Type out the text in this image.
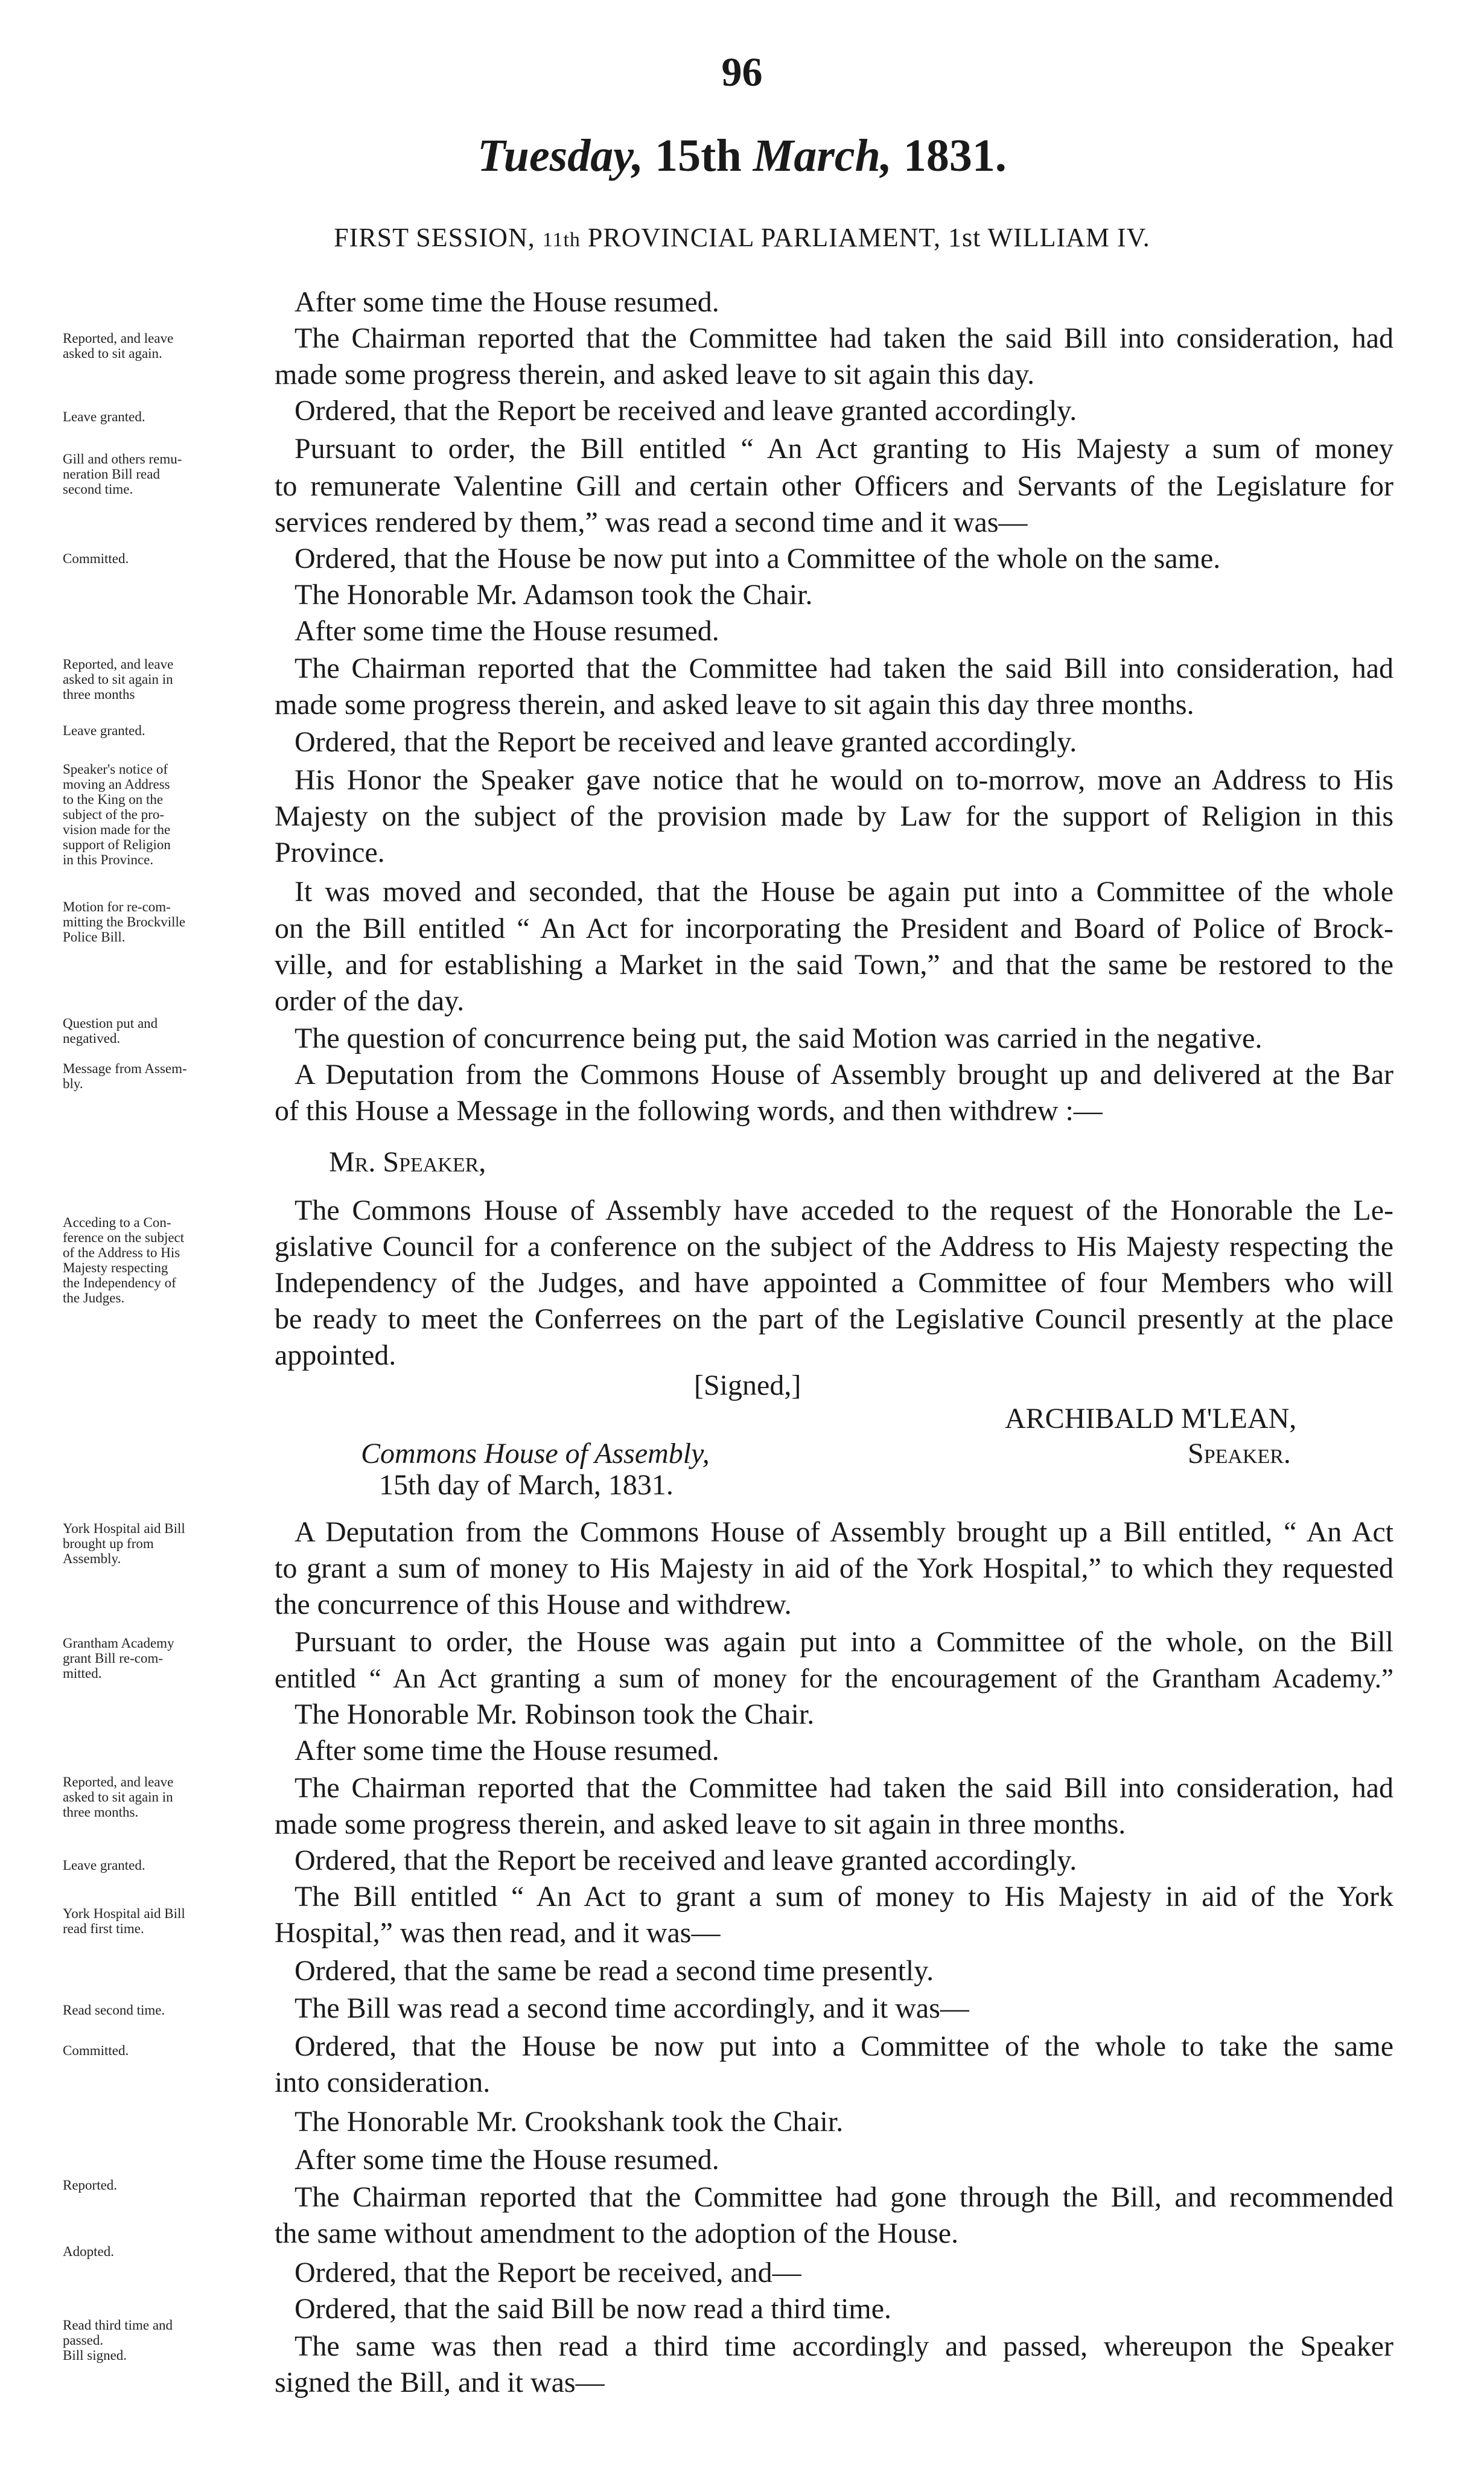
96
Tuesday, 15th March, 1831.
FIRST SESSION, 11th PROVINCIAL PARLIAMENT, 1st WILLIAM IV.
Reported, and leave
asked to sit again.
Leave granted.
Gill and others remu-
neration Bill read
second time.
Committed.
Reported, and leave
asked to sit again in
three months
Leave granted.
Speaker's notice of
moving an Address
to the King on the
subject of the pro-
vision made for the
support of Religion
in this Province.
Motion for re-com-
mitting the Brockville
Police Bill.
Question put and
negatived.
Message from Assem-
bly.
Acceding to a Con-
ference on the subject
of the Address to His
Majesty respecting
the Independency of
the Judges.
York Hospital aid Bill
brought up from
Assembly.
Grantham Academy
grant Bill re-com-
mitted.
Reported, and leave
asked to sit again in
three months.
Leave granted.
York Hospital aid Bill
read first time.
Read second time.
Committed.
Reported.
Adopted.
Read third time and
passed.
Bill signed.
After some time the House resumed.
The Chairman reported that the Committee had taken the said Bill into consideration, had
made some progress therein, and asked leave to sit again this day.
Ordered, that the Report be received and leave granted accordingly.
Pursuant to order, the Bill entitled “ An Act granting to His Majesty a sum of money
to remunerate Valentine Gill and certain other Officers and Servants of the Legislature for
services rendered by them,” was read a second time and it was—
Ordered, that the House be now put into a Committee of the whole on the same.
The Honorable Mr. Adamson took the Chair.
After some time the House resumed.
The Chairman reported that the Committee had taken the said Bill into consideration, had
made some progress therein, and asked leave to sit again this day three months.
Ordered, that the Report be received and leave granted accordingly.
His Honor the Speaker gave notice that he would on to-morrow, move an Address to His
Majesty on the subject of the provision made by Law for the support of Religion in this
Province.
It was moved and seconded, that the House be again put into a Committee of the whole
on the Bill entitled “ An Act for incorporating the President and Board of Police of Brock-
ville, and for establishing a Market in the said Town,” and that the same be restored to the
order of the day.
The question of concurrence being put, the said Motion was carried in the negative.
A Deputation from the Commons House of Assembly brought up and delivered at the Bar
of this House a Message in the following words, and then withdrew :—
Mr. Speaker,
The Commons House of Assembly have acceded to the request of the Honorable the Le-
gislative Council for a conference on the subject of the Address to His Majesty respecting the
Independency of the Judges, and have appointed a Committee of four Members who will
be ready to meet the Conferrees on the part of the Legislative Council presently at the place
appointed.
[Signed,]
ARCHIBALD M'LEAN,
Commons House of Assembly,	Speaker.
15th day of March, 1831.
A Deputation from the Commons House of Assembly brought up a Bill entitled, “ An Act
to grant a sum of money to His Majesty in aid of the York Hospital,” to which they requested
the concurrence of this House and withdrew.
Pursuant to order, the House was again put into a Committee of the whole, on the Bill
entitled “ An Act granting a sum of money for the encouragement of the Grantham Academy.”
The Honorable Mr. Robinson took the Chair.
After some time the House resumed.
The Chairman reported that the Committee had taken the said Bill into consideration, had
made some progress therein, and asked leave to sit again in three months.
Ordered, that the Report be received and leave granted accordingly.
The Bill entitled “ An Act to grant a sum of money to His Majesty in aid of the York
Hospital,” was then read, and it was—
Ordered, that the same be read a second time presently.
The Bill was read a second time accordingly, and it was—
Ordered, that the House be now put into a Committee of the whole to take the same
into consideration.
The Honorable Mr. Crookshank took the Chair.
After some time the House resumed.
The Chairman reported that the Committee had gone through the Bill, and recommended
the same without amendment to the adoption of the House.
Ordered, that the Report be received, and—
Ordered, that the said Bill be now read a third time.
The same was then read a third time accordingly and passed, whereupon the Speaker
signed the Bill, and it was—
